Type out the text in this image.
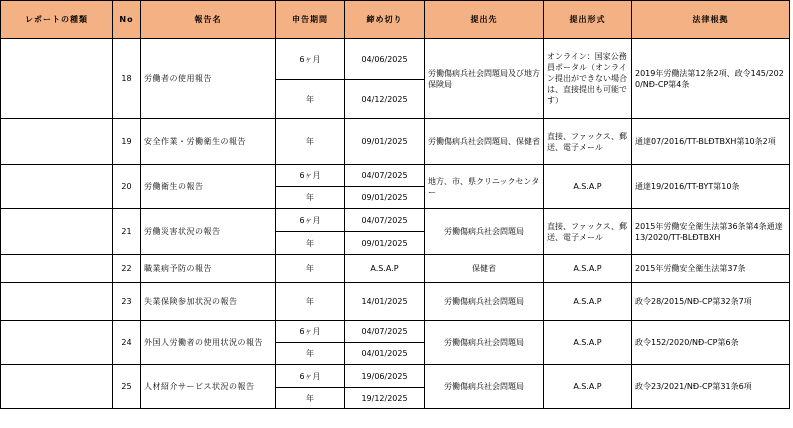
レポートの種類	No	報告名	申告期間	締め切り	提出先	提出形式	法律根拠
	18	労働者の使用報告	6ヶ月	04/06/2025	労働傷病兵社会問題局及び地方保険局	オンライン：国家公務員ポータル（オンライン提出ができない場合は、直接提出も可能です）	2019年労働法第12条2項、政令145/2020/NĐ-CP第4条
			年	04/12/2025			
	19	安全作業・労働衛生の報告	年	09/01/2025	労働傷病兵社会問題局、保健省	直接、ファックス、郵送、電子メール	通達07/2016/TT-BLĐTBXH第10条2項
	20	労働衛生の報告	6ヶ月	04/07/2025	地方、市、県クリニックセンター	A.S.A.P	通達19/2016/TT-BYT第10条
			年	09/01/2025			
	21	労働災害状況の報告	6ヶ月	04/07/2025	労働傷病兵社会問題局	直接、ファックス、郵送、電子メール	2015年労働安全衛生法第36条第4条通達13/2020/TT-BLĐTBXH
			年	09/01/2025			
	22	職業病予防の報告	年	A.S.A.P	保健省	A.S.A.P	2015年労働安全衛生法第37条
	23	失業保険参加状況の報告	年	14/01/2025	労働傷病兵社会問題局	A.S.A.P	政令28/2015/NĐ-CP第32条7項
	24	外国人労働者の使用状況の報告	6ヶ月	04/07/2025	労働傷病兵社会問題局	A.S.A.P	政令152/2020/NĐ-CP第6条
			年	04/01/2025			
	25	人材紹介サービス状況の報告	6ヶ月	19/06/2025	労働傷病兵社会問題局	A.S.A.P	政令23/2021/NĐ-CP第31条6項
			年	19/12/2025			
